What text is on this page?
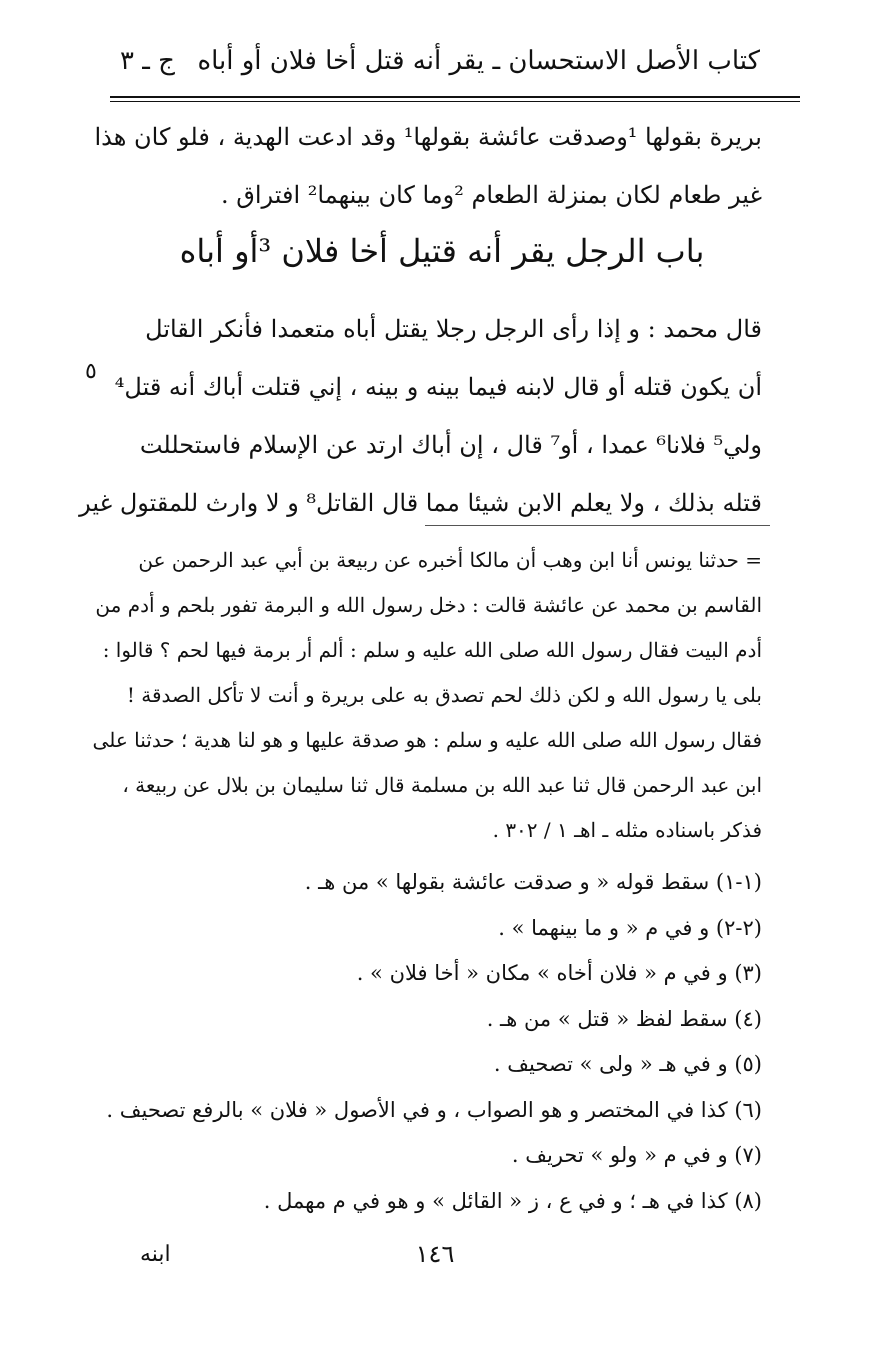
كتاب الأصل الاستحسان ـ يقر أنه قتل أخا فلان أو أباه
ج ـ ٣
بريرة بقولها ¹وصدقت عائشة بقولها¹ وقد ادعت الهدية ، فلو كان هذا
غير طعام لكان بمنزلة الطعام ²وما كان بينهما² افتراق .
باب الرجل يقر أنه قتيل أخا فلان ³أو أباه
قال محمد : و إذا رأى الرجل رجلا يقتل أباه متعمدا فأنكر القاتل
أن يكون قتله أو قال لابنه فيما بينه و بينه ، إني قتلت أباك أنه قتل⁴
ولي⁵ فلانا⁶ عمدا ، أو⁷ قال ، إن أباك ارتد عن الإسلام فاستحللت
قتله بذلك ، ولا يعلم الابن شيئا مما قال القاتل⁸ و لا وارث للمقتول غير
٥
= حدثنا يونس أنا ابن وهب أن مالكا أخبره عن ربيعة بن أبي عبد الرحمن عن
القاسم بن محمد عن عائشة قالت : دخل رسول الله و البرمة تفور بلحم و أدم من
أدم البيت فقال رسول الله صلى الله عليه و سلم : ألم أر برمة فيها لحم ؟ قالوا :
بلى يا رسول الله و لكن ذلك لحم تصدق به على بريرة و أنت لا تأكل الصدقة !
فقال رسول الله صلى الله عليه و سلم : هو صدقة عليها و هو لنا هدية ؛ حدثنا على
ابن عبد الرحمن قال ثنا عبد الله بن مسلمة قال ثنا سليمان بن بلال عن ربيعة ،
فذكر باسناده مثله ـ اهـ ١ / ٣٠٢ .
(١-١) سقط قوله « و صدقت عائشة بقولها » من هـ .
(٢-٢) و في م « و ما بينهما » .
(٣) و في م « فلان أخاه » مكان « أخا فلان » .
(٤) سقط لفظ « قتل » من هـ .
(٥) و في هـ « ولى » تصحيف .
(٦) كذا في المختصر و هو الصواب ، و في الأصول « فلان » بالرفع تصحيف .
(٧) و في م « ولو » تحريف .
(٨) كذا في هـ ؛ و في ع ، ز « القائل » و هو في م مهمل .
١٤٦
ابنه
